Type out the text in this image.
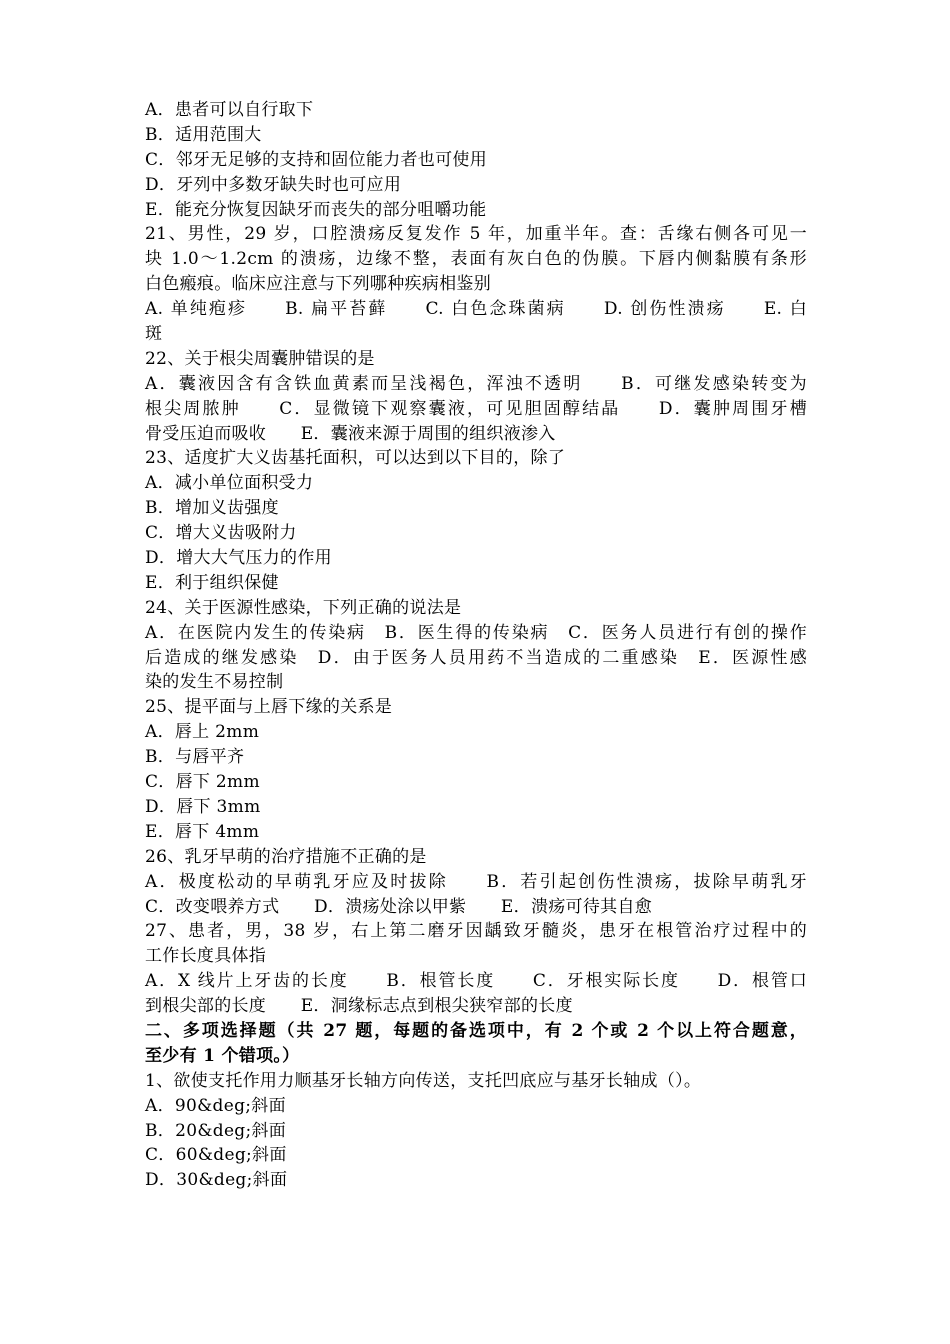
A．患者可以自行取下
B．适用范围大
C．邻牙无足够的支持和固位能力者也可使用
D．牙列中多数牙缺失时也可应用
E．能充分恢复因缺牙而丧失的部分咀嚼功能
21、男性，29 岁，口腔溃疡反复发作 5 年，加重半年。查：舌缘右侧各可见一
块 1.0～1.2cm 的溃疡，边缘不整，表面有灰白色的伪膜。下唇内侧黏膜有条形
白色瘢痕。临床应注意与下列哪种疾病相鉴别
A. 单纯疱疹　　B. 扁平苔藓　　C. 白色念珠菌病　　D. 创伤性溃疡　　E. 白
斑
22、关于根尖周囊肿错误的是
A．囊液因含有含铁血黄素而呈浅褐色，浑浊不透明　　B．可继发感染转变为
根尖周脓肿　　C．显微镜下观察囊液，可见胆固醇结晶　　D．囊肿周围牙槽
骨受压迫而吸收　　E．囊液来源于周围的组织液渗入
23、适度扩大义齿基托面积，可以达到以下目的，除了
A．减小单位面积受力
B．增加义齿强度
C．增大义齿吸附力
D．增大大气压力的作用
E．利于组织保健
24、关于医源性感染，下列正确的说法是
A．在医院内发生的传染病　B．医生得的传染病　C．医务人员进行有创的操作
后造成的继发感染　D．由于医务人员用药不当造成的二重感染　E．医源性感
染的发生不易控制
25、提平面与上唇下缘的关系是
A．唇上 2mm
B．与唇平齐
C．唇下 2mm
D．唇下 3mm
E．唇下 4mm
26、乳牙早萌的治疗措施不正确的是
A．极度松动的早萌乳牙应及时拔除　　B．若引起创伤性溃疡，拔除早萌乳牙
C．改变喂养方式　　D．溃疡处涂以甲紫　　E．溃疡可待其自愈
27、患者，男，38 岁，右上第二磨牙因龋致牙髓炎，患牙在根管治疗过程中的
工作长度具体指
A．X 线片上牙齿的长度　　B．根管长度　　C．牙根实际长度　　D．根管口
到根尖部的长度　　E．洞缘标志点到根尖狭窄部的长度
二、多项选择题（共 27 题，每题的备选项中，有 2 个或 2 个以上符合题意，
至少有 1 个错项。）
1、欲使支托作用力顺基牙长轴方向传送，支托凹底应与基牙长轴成（）。
A．90&deg;斜面
B．20&deg;斜面
C．60&deg;斜面
D．30&deg;斜面
